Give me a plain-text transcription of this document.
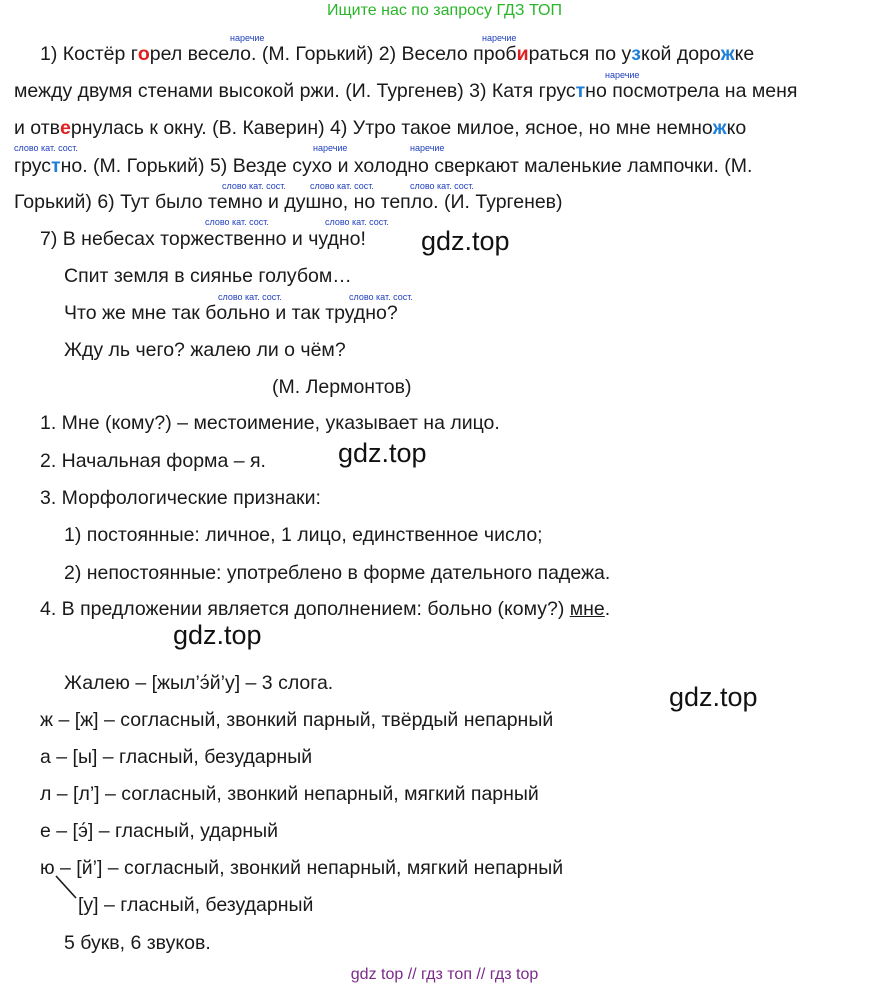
Ищите нас по запросу ГДЗ ТОП
наречие	наречие
наречие
слово кат. сост.	наречие	наречие
слово кат. сост.	слово кат. сост.	слово кат. сост.
слово кат. сост.	слово кат. сост.
слово кат. сост.	слово кат. сост.
1) Костёр горел весело. (М. Горький) 2) Весело пробираться по узкой дорожке
между двумя стенами высокой ржи. (И. Тургенев) 3) Катя грустно посмотрела на меня
и отвернулась к окну. (В. Каверин) 4) Утро такое милое, ясное, но мне немножко
грустно. (М. Горький) 5) Везде сухо и холодно сверкают маленькие лампочки. (М.
Горький) 6) Тут было темно и душно, но тепло. (И. Тургенев)
7) В небесах торжественно и чудно!
Спит земля в сиянье голубом…
Что же мне так больно и так трудно?
Жду ль чего? жалею ли о чём?
(М. Лермонтов)
1. Мне (кому?) – местоимение, указывает на лицо.
2. Начальная форма – я.
3. Морфологические признаки:
1) постоянные: личное, 1 лицо, единственное число;
2) непостоянные: употреблено в форме дательного падежа.
4. В предложении является дополнением: больно (кому?) мне.
Жалею – [жыл’э́й’у] – 3 слога.
ж – [ж] – согласный, звонкий парный, твёрдый непарный
а – [ы] – гласный, безударный
л – [л’] – согласный, звонкий непарный, мягкий парный
е – [э́] – гласный, ударный
ю – [й’] – согласный, звонкий непарный, мягкий непарный
[у] – гласный, безударный
5 букв, 6 звуков.
gdz.top
gdz.top
gdz.top
gdz.top
gdz top // гдз топ // гдз top
